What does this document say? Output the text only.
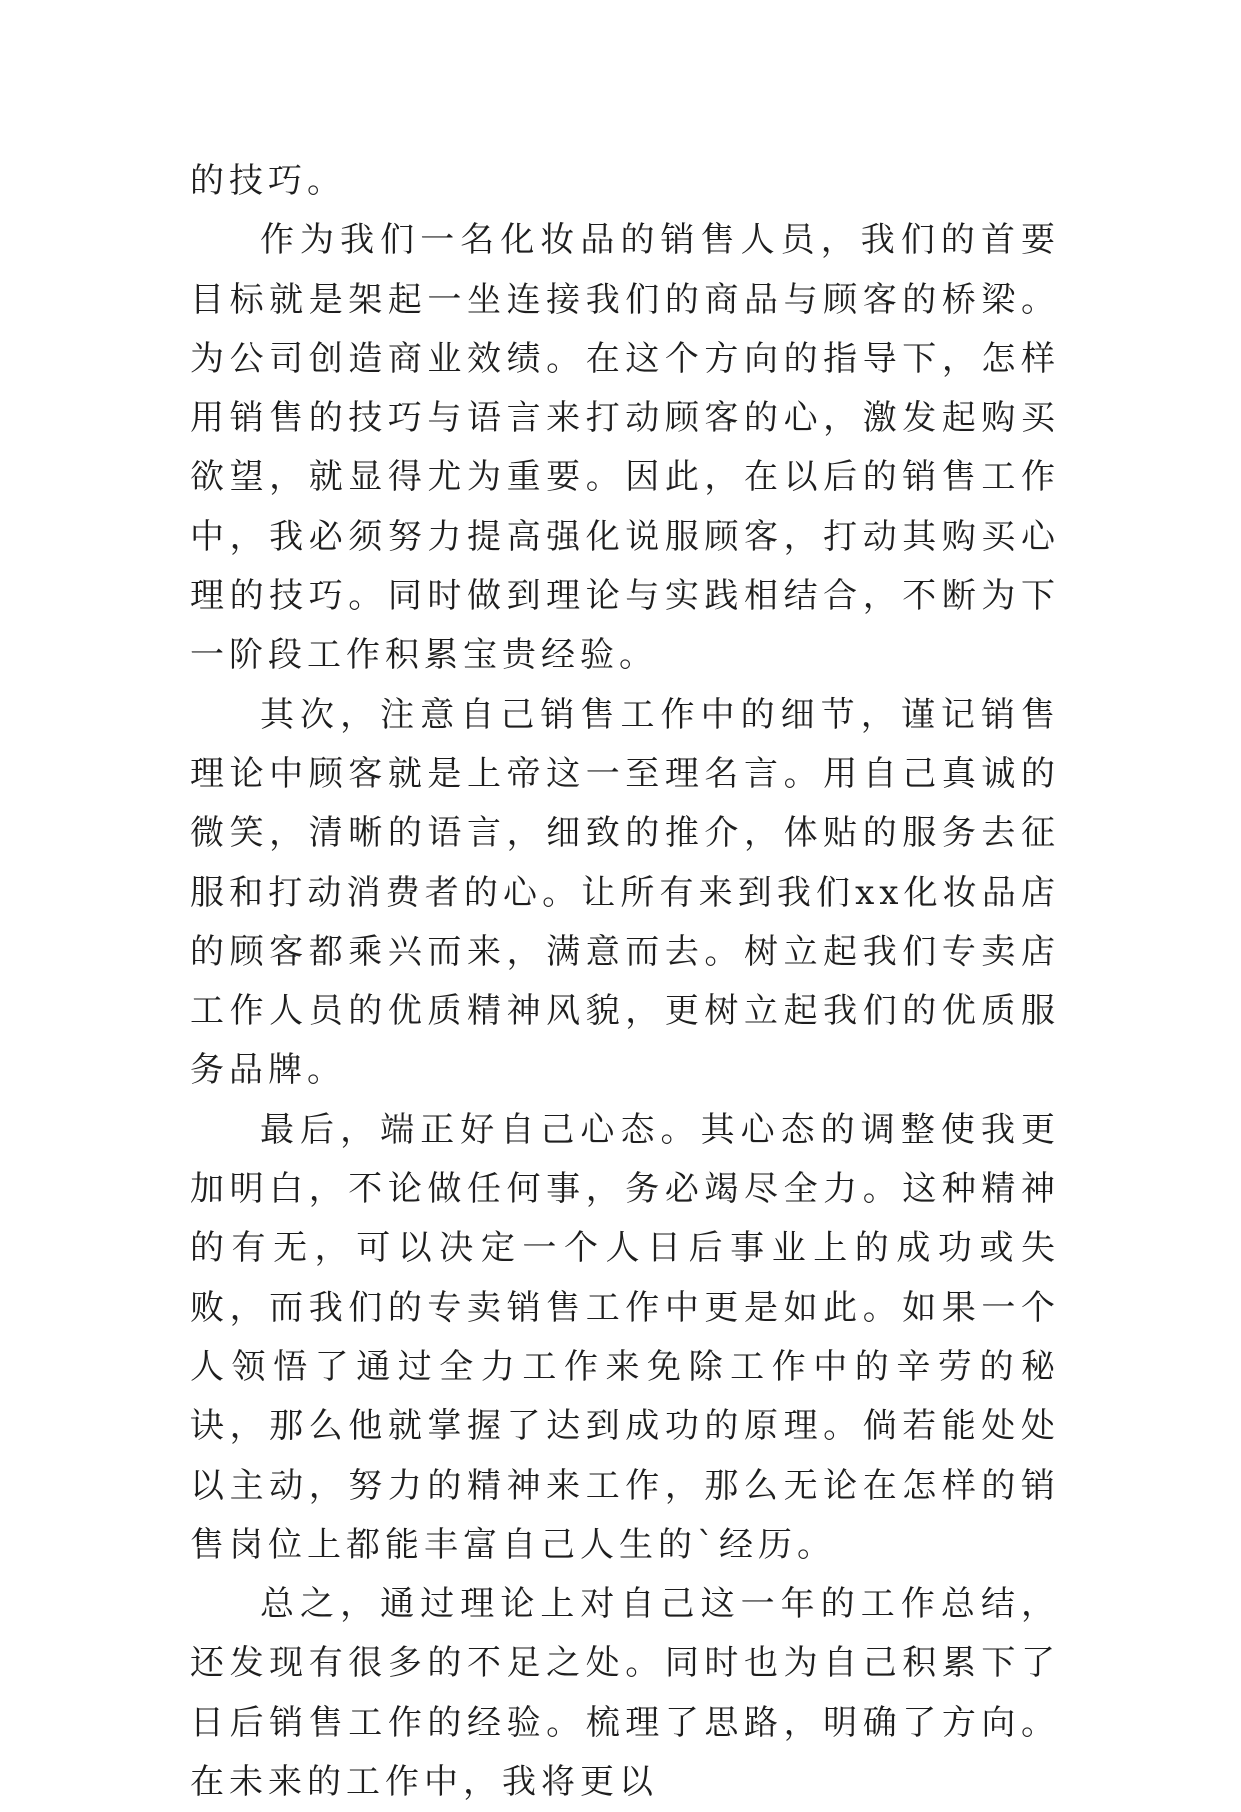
的技巧。

作为我们一名化妆品的销售人员，我们的首要目标就是架起一坐连接我们的商品与顾客的桥梁。为公司创造商业效绩。在这个方向的指导下，怎样用销售的技巧与语言来打动顾客的心，激发起购买欲望，就显得尤为重要。因此，在以后的销售工作中，我必须努力提高强化说服顾客，打动其购买心理的技巧。同时做到理论与实践相结合，不断为下一阶段工作积累宝贵经验。

其次，注意自己销售工作中的细节，谨记销售理论中顾客就是上帝这一至理名言。用自己真诚的微笑，清晰的语言，细致的推介，体贴的服务去征服和打动消费者的心。让所有来到我们xx化妆品店的顾客都乘兴而来，满意而去。树立起我们专卖店工作人员的优质精神风貌，更树立起我们的优质服务品牌。

最后，端正好自己心态。其心态的调整使我更加明白，不论做任何事，务必竭尽全力。这种精神的有无，可以决定一个人日后事业上的成功或失败，而我们的专卖销售工作中更是如此。如果一个人领悟了通过全力工作来免除工作中的辛劳的秘诀，那么他就掌握了达到成功的原理。倘若能处处以主动，努力的精神来工作，那么无论在怎样的销售岗位上都能丰富自己人生的`经历。

总之，通过理论上对自己这一年的工作总结，还发现有很多的不足之处。同时也为自己积累下了日后销售工作的经验。梳理了思路，明确了方向。在未来的工作中，我将更以
